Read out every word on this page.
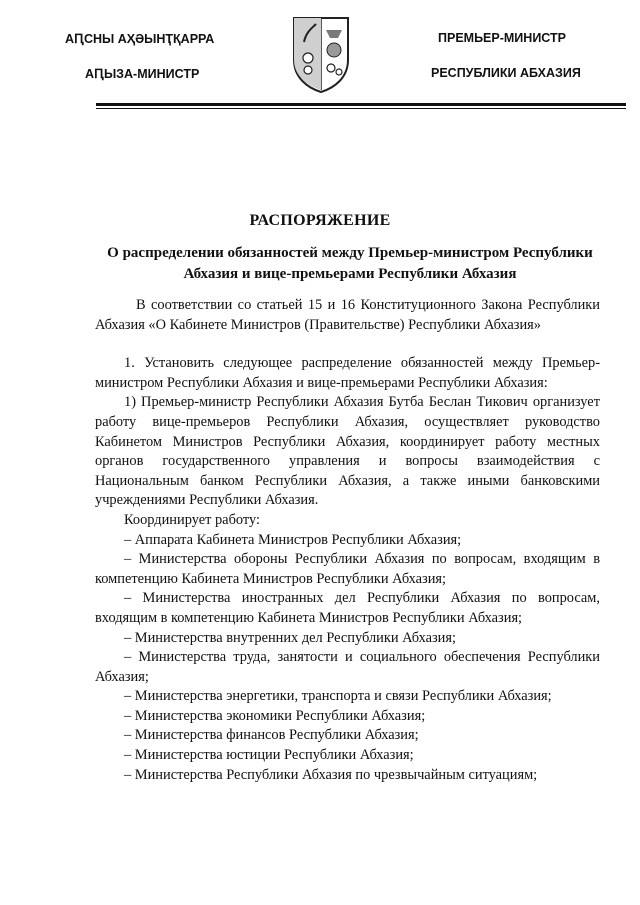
АԤСНЫ АҲӘЫНҬҚАРРА
АԤЫЗА-МИНИСТР
ПРЕМЬЕР-МИНИСТР
РЕСПУБЛИКИ АБХАЗИЯ
РАСПОРЯЖЕНИЕ
О распределении обязанностей между Премьер-министром Республики
Абхазия и вице-премьерами Республики Абхазия

В соответствии со статьей 15 и 16 Конституционного Закона Республики Абхазия «О Кабинете Министров (Правительстве) Республики Абхазия»

1. Установить следующее распределение обязанностей между Премьер-министром Республики Абхазия и вице-премьерами Республики Абхазия:

1) Премьер-министр Республики Абхазия Бутба Беслан Тикович организует работу вице-премьеров Республики Абхазия, осуществляет руководство Кабинетом Министров Республики Абхазия, координирует работу местных органов государственного управления и вопросы взаимодействия с Национальным банком Республики Абхазия, а также иными банковскими учреждениями Республики Абхазия.

Координирует работу:

– Аппарата Кабинета Министров Республики Абхазия;

– Министерства обороны Республики Абхазия по вопросам, входящим в компетенцию Кабинета Министров Республики Абхазия;

– Министерства иностранных дел Республики Абхазия по вопросам, входящим в компетенцию Кабинета Министров Республики Абхазия;

– Министерства внутренних дел Республики Абхазия;

– Министерства труда, занятости и социального обеспечения Республики Абхазия;

– Министерства энергетики, транспорта и связи Республики Абхазия;

– Министерства экономики Республики Абхазия;

– Министерства финансов Республики Абхазия;

– Министерства юстиции Республики Абхазия;

– Министерства Республики Абхазия по чрезвычайным ситуациям;
